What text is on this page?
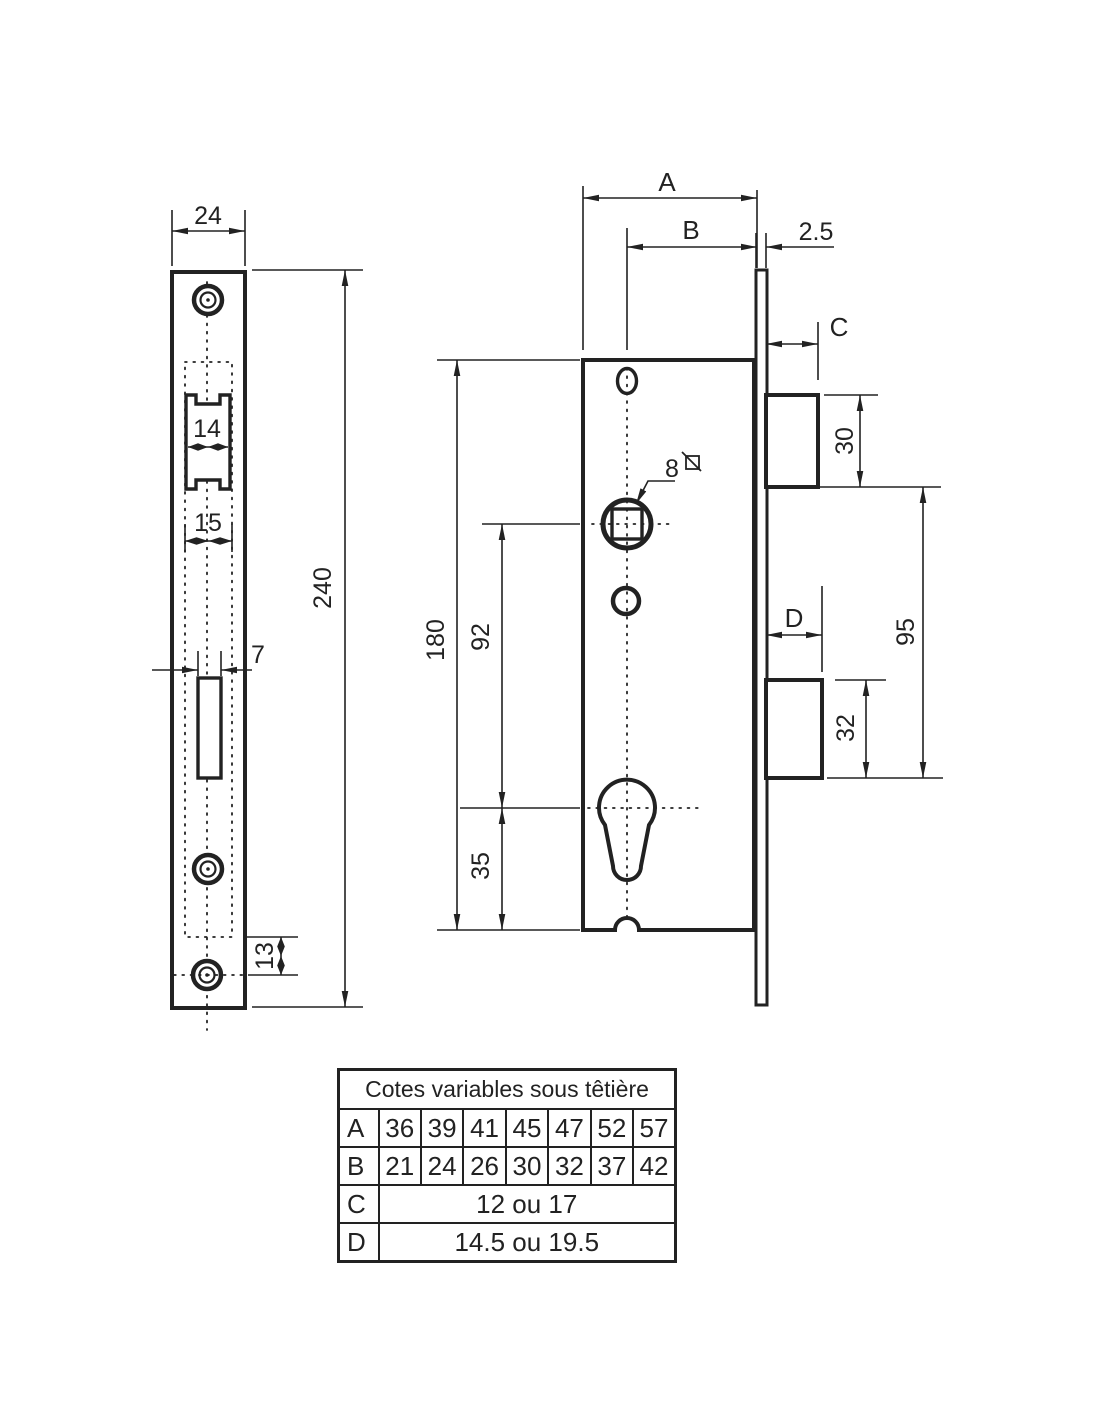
24
240
14
15
7
13
A
B	2.5
C
30
95
D
32
180 92
35
8
Cotes variables sous têtière							
A	36	39	41	45	47	52	57
B	21	24	26	30	32	37	42
C	12 ou 17						
D	14.5 ou 19.5						
